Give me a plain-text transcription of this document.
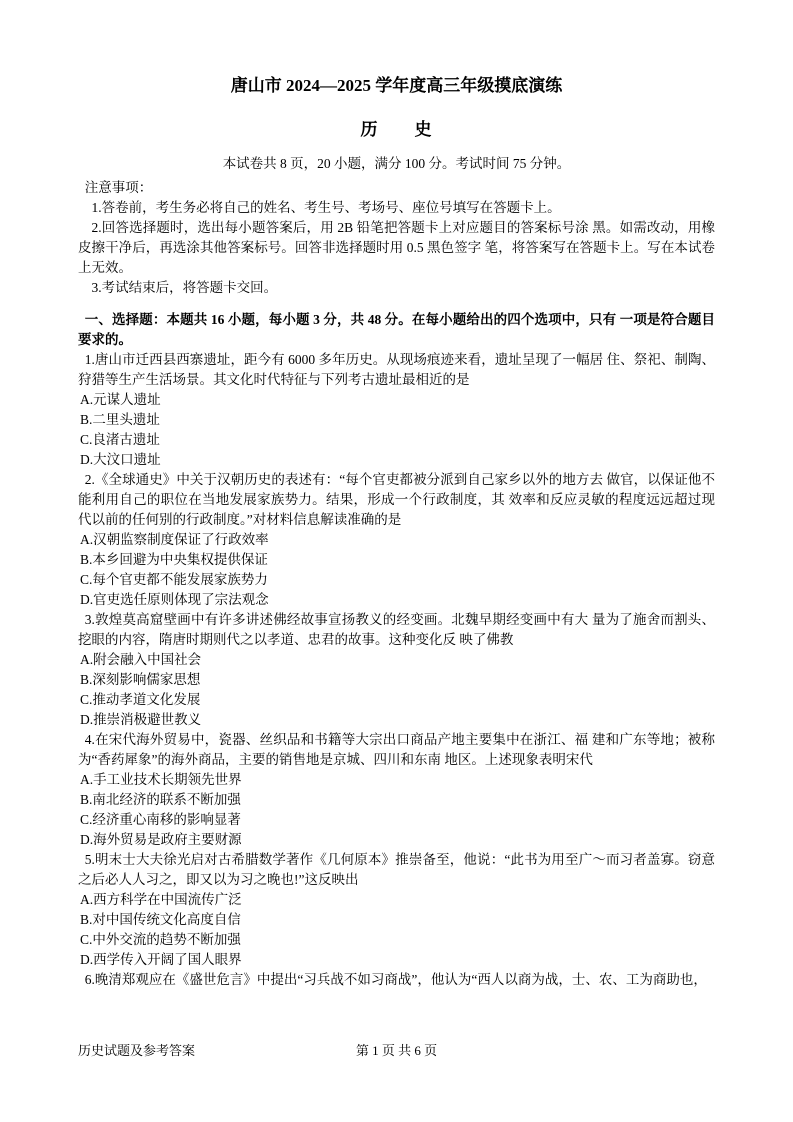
唐山市 2024—2025 学年度高三年级摸底演练
历　　史

本试卷共 8 页，20 小题，满分 100 分。考试时间 75 分钟。

注意事项：

1.答卷前，考生务必将自己的姓名、考生号、考场号、座位号填写在答题卡上。

2.回答选择题时，选出每小题答案后，用 2B 铅笔把答题卡上对应题目的答案标号涂 黑。如需改动，用橡皮擦干净后，再选涂其他答案标号。回答非选择题时用 0.5 黑色签字 笔，将答案写在答题卡上。写在本试卷上无效。

3.考试结束后，将答题卡交回。

一、选择题：本题共 16 小题，每小题 3 分，共 48 分。在每小题给出的四个选项中，只有 一项是符合题目要求的。

1.唐山市迁西县西寨遗址，距今有 6000 多年历史。从现场痕迹来看，遗址呈现了一幅居 住、祭祀、制陶、狩猎等生产生活场景。其文化时代特征与下列考古遗址最相近的是

A.元谋人遗址

B.二里头遗址

C.良渚古遗址

D.大汶口遗址

2.《全球通史》中关于汉朝历史的表述有：“每个官吏都被分派到自己家乡以外的地方去 做官，以保证他不能利用自己的职位在当地发展家族势力。结果，形成一个行政制度，其 效率和反应灵敏的程度远远超过现代以前的任何别的行政制度。”对材料信息解读准确的是

A.汉朝监察制度保证了行政效率

B.本乡回避为中央集权提供保证

C.每个官吏都不能发展家族势力

D.官吏选任原则体现了宗法观念

3.敦煌莫高窟壁画中有许多讲述佛经故事宣扬教义的经变画。北魏早期经变画中有大 量为了施舍而割头、挖眼的内容，隋唐时期则代之以孝道、忠君的故事。这种变化反 映了佛教

A.附会融入中国社会

B.深刻影响儒家思想

C.推动孝道文化发展

D.推崇消极避世教义

4.在宋代海外贸易中，瓷器、丝织品和书籍等大宗出口商品产地主要集中在浙江、福 建和广东等地；被称为“香药犀象”的海外商品，主要的销售地是京城、四川和东南 地区。上述现象表明宋代

A.手工业技术长期领先世界

B.南北经济的联系不断加强

C.经济重心南移的影响显著

D.海外贸易是政府主要财源

5.明末士大夫徐光启对古希腊数学著作《几何原本》推崇备至，他说：“此书为用至广～而习者盖寡。窃意之后必人人习之，即又以为习之晚也!”这反映出

A.西方科学在中国流传广泛

B.对中国传统文化高度自信

C.中外交流的趋势不断加强

D.西学传入开阔了国人眼界

6.晚清郑观应在《盛世危言》中提出“习兵战不如习商战”，他认为“西人以商为战，士、农、工为商助也，

历史试题及参考答案	第 1 页 共 6 页
